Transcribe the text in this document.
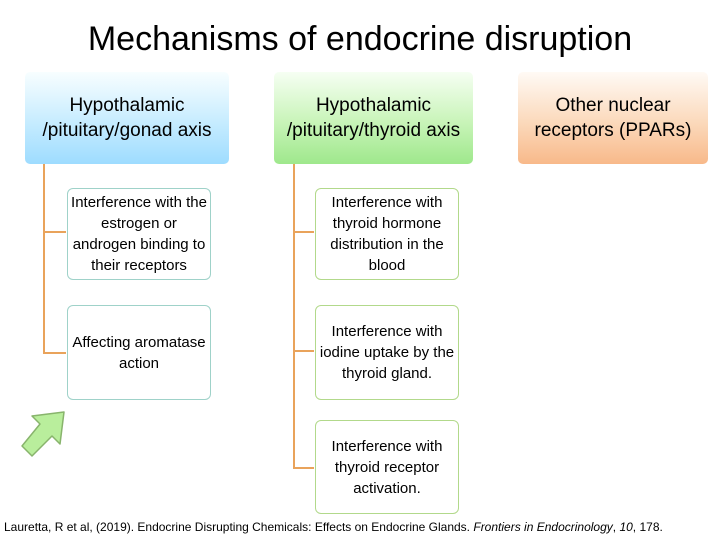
Mechanisms of endocrine disruption
Hypothalamic /pituitary/gonad axis
Hypothalamic /pituitary/thyroid axis
Other nuclear receptors (PPARs)
Interference with the estrogen or androgen binding to their receptors
Affecting aromatase action
Interference with thyroid hormone distribution in the blood
Interference with iodine uptake by the thyroid gland.
Interference with thyroid receptor activation.
Lauretta, R et al, (2019). Endocrine Disrupting Chemicals: Effects on Endocrine Glands. Frontiers in Endocrinology, 10, 178.
